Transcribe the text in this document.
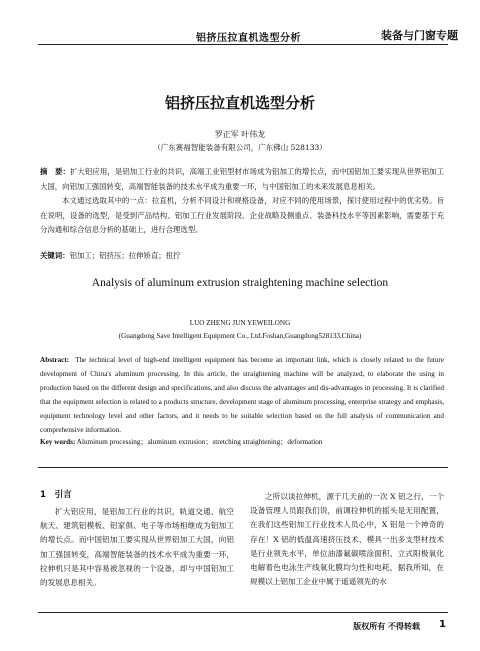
铝挤压拉直机选型分析	装备与门窗专题
铝挤压拉直机选型分析
罗正军 叶伟龙
（广东赛福智能装备有限公司，广东佛山 528133）
摘　要：扩大铝应用，是铝加工行业的共识，高端工业铝型材市场成为铝加工的增长点，而中国铝加工要实现从世界铝加工大国，向铝加工强国转变，高端智能装备的技术水平成为重要一环，与中国铝加工的未来发展息息相关。
本文通过选取其中的一点：拉直机，分析不同设计和规格设备，对应不同的使用场景，探讨使用过程中的优劣势。旨在说明，设备的选型，是受到产品结构、铝加工行业发展阶段、企业战略及侧重点、装备科技水平等因素影响，需要基于充分沟通和综合信息分析的基础上，进行合理选型。
关键词：铝加工；铝挤压；拉伸矫直；扭拧
Analysis of aluminum extrusion straightening machine selection
LUO ZHENG JUN YEWEILONG
(Guangdong Save Intelligent Equipment Co., Ltd.Foshan,Guangdong528133,China)
Abstract: The technical level of high-end intelligent equipment has become an important link, which is closely related to the future development of China's aluminum processing. In this article, the straightening machine will be analyzed, to elaborate the using in production based on the different design and specifications, and also discuss the advantages and dis-advantages in processing. It is clarified that the equipment selection is related to a products structure, development stage of aluminum processing, enterprise strategy and emphasis, equipment technology level and other factors, and it needs to be suitable selection based on the full analysis of communication and comprehensive information.
Key words: Aluminum processing；aluminum extrusion；stretching straightening；deformation
1　引言
扩大铝应用，是铝加工行业的共识，轨道交通、航空航天、建筑铝模板、铝家俱、电子等市场相继成为铝加工的增长点。而中国铝加工要实现从世界铝加工大国，向铝加工强国转变，高端智能装备的技术水平成为重要一环，拉伸机只是其中容易被忽视的一个设备，却与中国铝加工的发展息息相关。
之所以谈拉伸机，源于几天前的一次 X 铝之行，一个设备管理人员跟我们说，前调拉伸机的摇头是无用配置，在我们这些铝加工行业技术人员心中，X 铝是一个神奇的存在！X 铝的低温高速挤压技术、模具一出多支型材技术是行业领先水平，单位油漆氟碳喷涂面积、立式阳极氧化电解着色电泳生产线氧化膜均匀性和电耗，据我所知，在规模以上铝加工企业中属于遥遥领先的水
版权所有 不得转载 1
